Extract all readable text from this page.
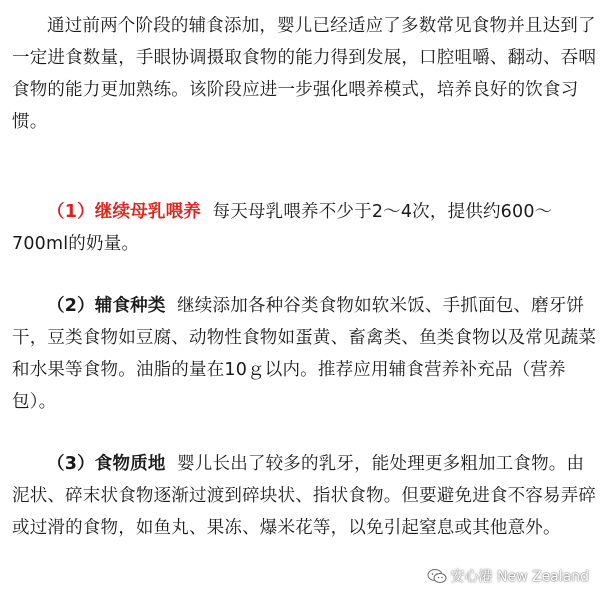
通过前两个阶段的辅食添加，婴儿已经适应了多数常见食物并且达到了一定进食数量，手眼协调摄取食物的能力得到发展，口腔咀嚼、翻动、吞咽食物的能力更加熟练。该阶段应进一步强化喂养模式，培养良好的饮食习惯。

（1）继续母乳喂养 每天母乳喂养不少于2～4次，提供约600～700ml的奶量。

（2）辅食种类 继续添加各种谷类食物如软米饭、手抓面包、磨牙饼干，豆类食物如豆腐、动物性食物如蛋黄、畜禽类、鱼类食物以及常见蔬菜和水果等食物。油脂的量在10ｇ以内。推荐应用辅食营养补充品（营养包）。

（3）食物质地 婴儿长出了较多的乳牙，能处理更多粗加工食物。由泥状、碎末状食物逐渐过渡到碎块状、指状食物。但要避免进食不容易弄碎或过滑的食物，如鱼丸、果冻、爆米花等，以免引起窒息或其他意外。

安心港 New Zealand
